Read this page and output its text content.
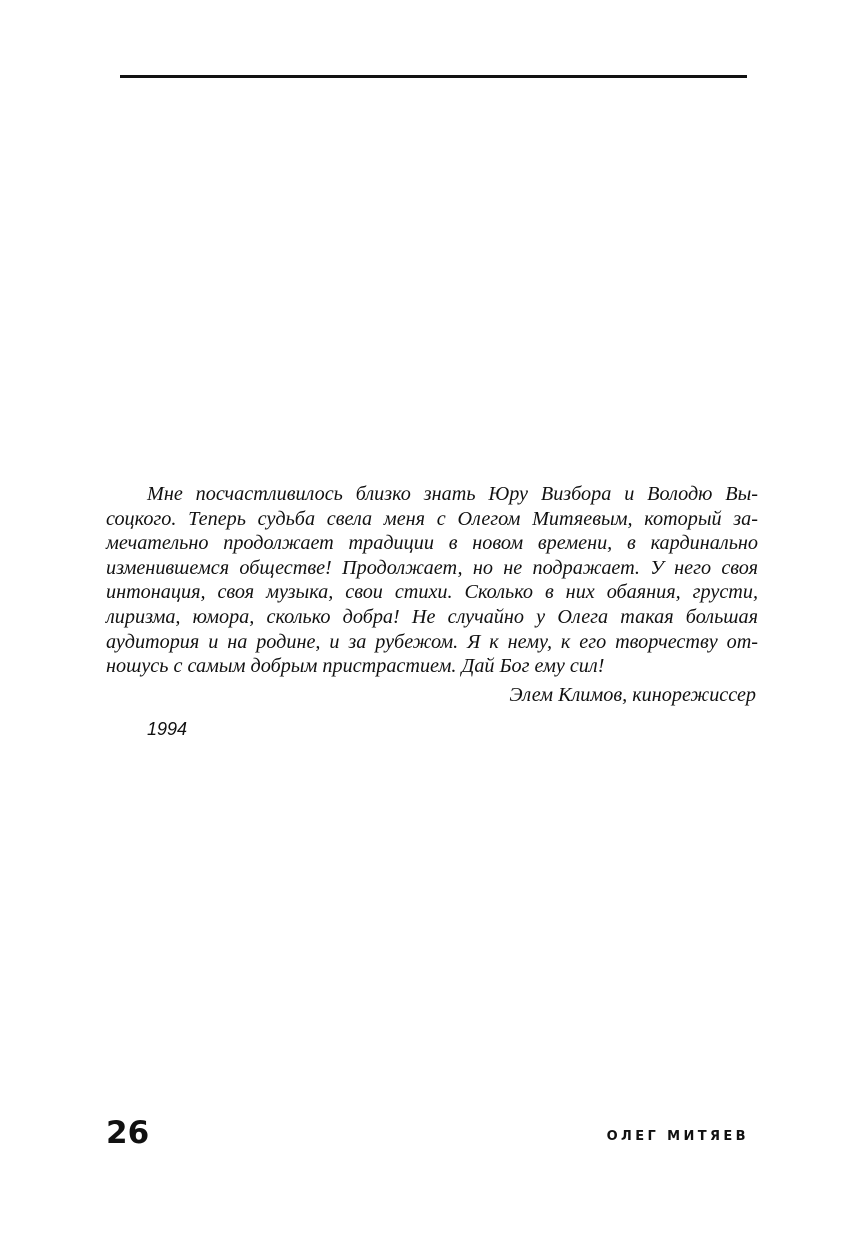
Мне посчастливилось близко знать Юру Визбора и Володю Вы-
соцкого. Теперь судьба свела меня с Олегом Митяевым, который за-
мечательно продолжает традиции в новом времени, в кардинально
изменившемся обществе! Продолжает, но не подражает. У него своя
интонация, своя музыка, свои стихи. Сколько в них обаяния, грусти,
лиризма, юмора, сколько добра! Не случайно у Олега такая большая
аудитория и на родине, и за рубежом. Я к нему, к его творчеству от-
ношусь с самым добрым пристрастием. Дай Бог ему сил!
Элем Климов, кинорежиссер
1994
26	ОЛЕГ МИТЯЕВ
